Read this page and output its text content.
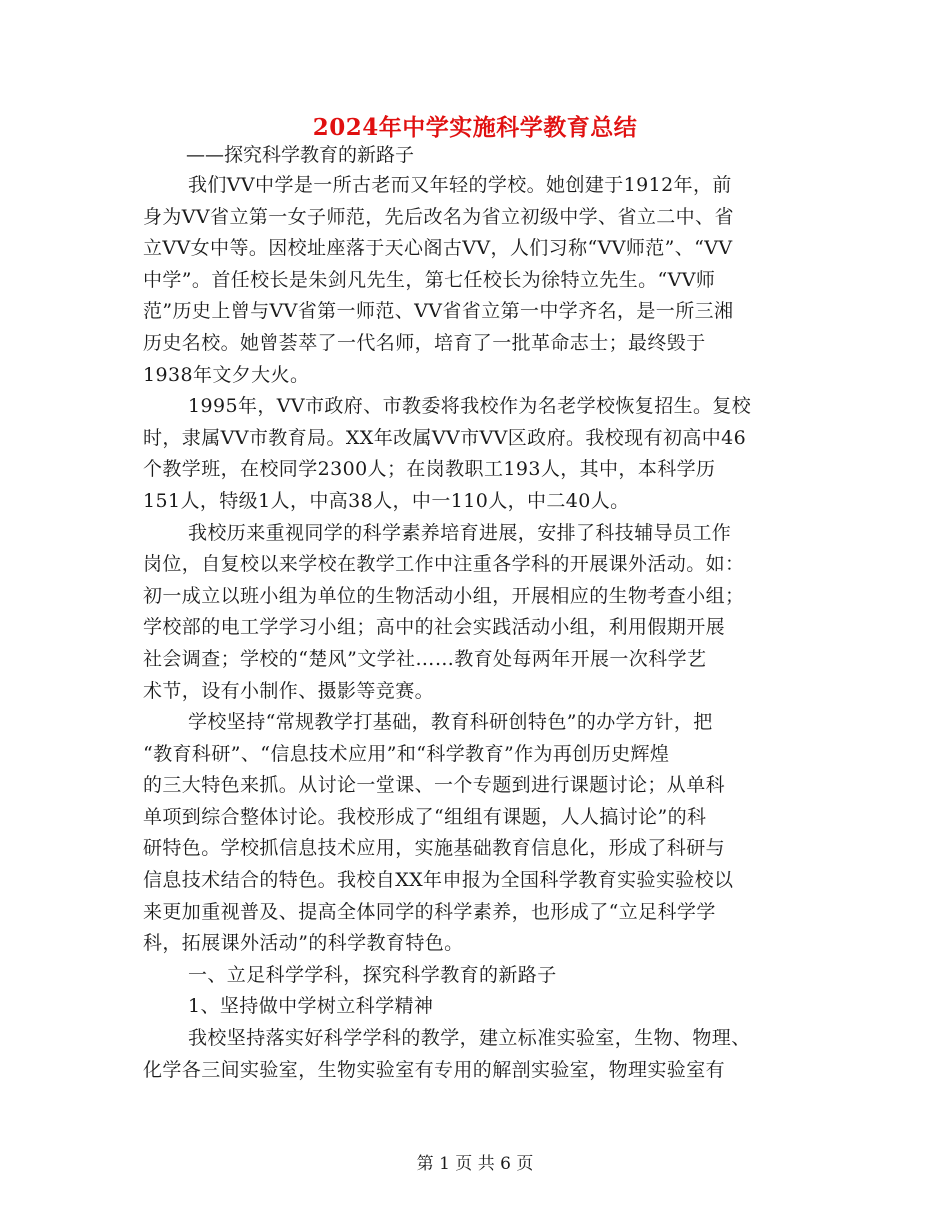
2024年中学实施科学教育总结
——探究科学教育的新路子
我们VV中学是一所古老而又年轻的学校。她创建于1912年，前
身为VV省立第一女子师范，先后改名为省立初级中学、省立二中、省
立VV女中等。因校址座落于天心阁古VV，人们习称“VV师范”、“VV
中学”。首任校长是朱剑凡先生，第七任校长为徐特立先生。“VV师
范”历史上曾与VV省第一师范、VV省省立第一中学齐名，是一所三湘
历史名校。她曾荟萃了一代名师，培育了一批革命志士；最终毁于
1938年文夕大火。
1995年，VV市政府、市教委将我校作为名老学校恢复招生。复校
时，隶属VV市教育局。XX年改属VV市VV区政府。我校现有初高中46
个教学班，在校同学2300人；在岗教职工193人，其中，本科学历
151人，特级1人，中高38人，中一110人，中二40人。
我校历来重视同学的科学素养培育进展，安排了科技辅导员工作
岗位，自复校以来学校在教学工作中注重各学科的开展课外活动。如：
初一成立以班小组为单位的生物活动小组，开展相应的生物考查小组；
学校部的电工学学习小组；高中的社会实践活动小组，利用假期开展
社会调查；学校的“楚风”文学社……教育处每两年开展一次科学艺
术节，设有小制作、摄影等竞赛。
学校坚持“常规教学打基础，教育科研创特色”的办学方针，把
“教育科研”、“信息技术应用”和“科学教育”作为再创历史辉煌
的三大特色来抓。从讨论一堂课、一个专题到进行课题讨论；从单科
单项到综合整体讨论。我校形成了“组组有课题，人人搞讨论”的科
研特色。学校抓信息技术应用，实施基础教育信息化，形成了科研与
信息技术结合的特色。我校自XX年申报为全国科学教育实验实验校以
来更加重视普及、提高全体同学的科学素养，也形成了“立足科学学
科，拓展课外活动”的科学教育特色。
一、立足科学学科，探究科学教育的新路子
1、坚持做中学树立科学精神
我校坚持落实好科学学科的教学，建立标准实验室，生物、物理、
化学各三间实验室，生物实验室有专用的解剖实验室，物理实验室有
第 1 页 共 6 页
